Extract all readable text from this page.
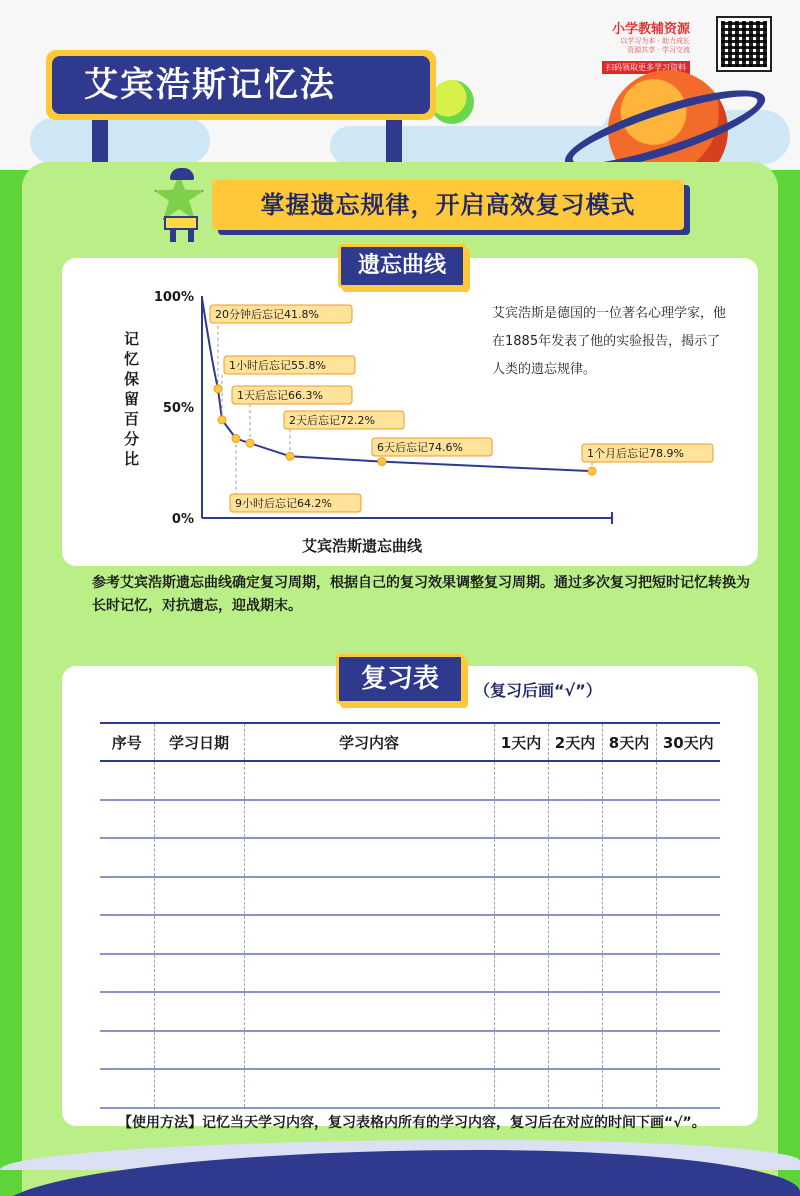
小学教辅资源
以学习为本 · 助力成长
资源共享 · 学习交流
扫码领取更多学习资料
艾宾浩斯记忆法
掌握遗忘规律，开启高效复习模式
100%
50%
0%
记忆保留百分比
艾宾浩斯遗忘曲线
20分钟后忘记41.8%
1小时后忘记55.8%
9小时后忘记64.2%
1天后忘记66.3%
2天后忘记72.2%
6天后忘记74.6%	1个月后忘记78.9%
遗忘曲线
艾宾浩斯是德国的一位著名心理学家，他在1885年发表了他的实验报告，揭示了人类的遗忘规律。
参考艾宾浩斯遗忘曲线确定复习周期，根据自己的复习效果调整复习周期。通过多次复习把短时记忆转换为长时记忆，对抗遗忘，迎战期末。
复习表	（复习后画“√”）
序号	学习日期	学习内容	1天内	2天内	8天内	30天内

【使用方法】记忆当天学习内容，复习表格内所有的学习内容，复习后在对应的时间下画“√”。
